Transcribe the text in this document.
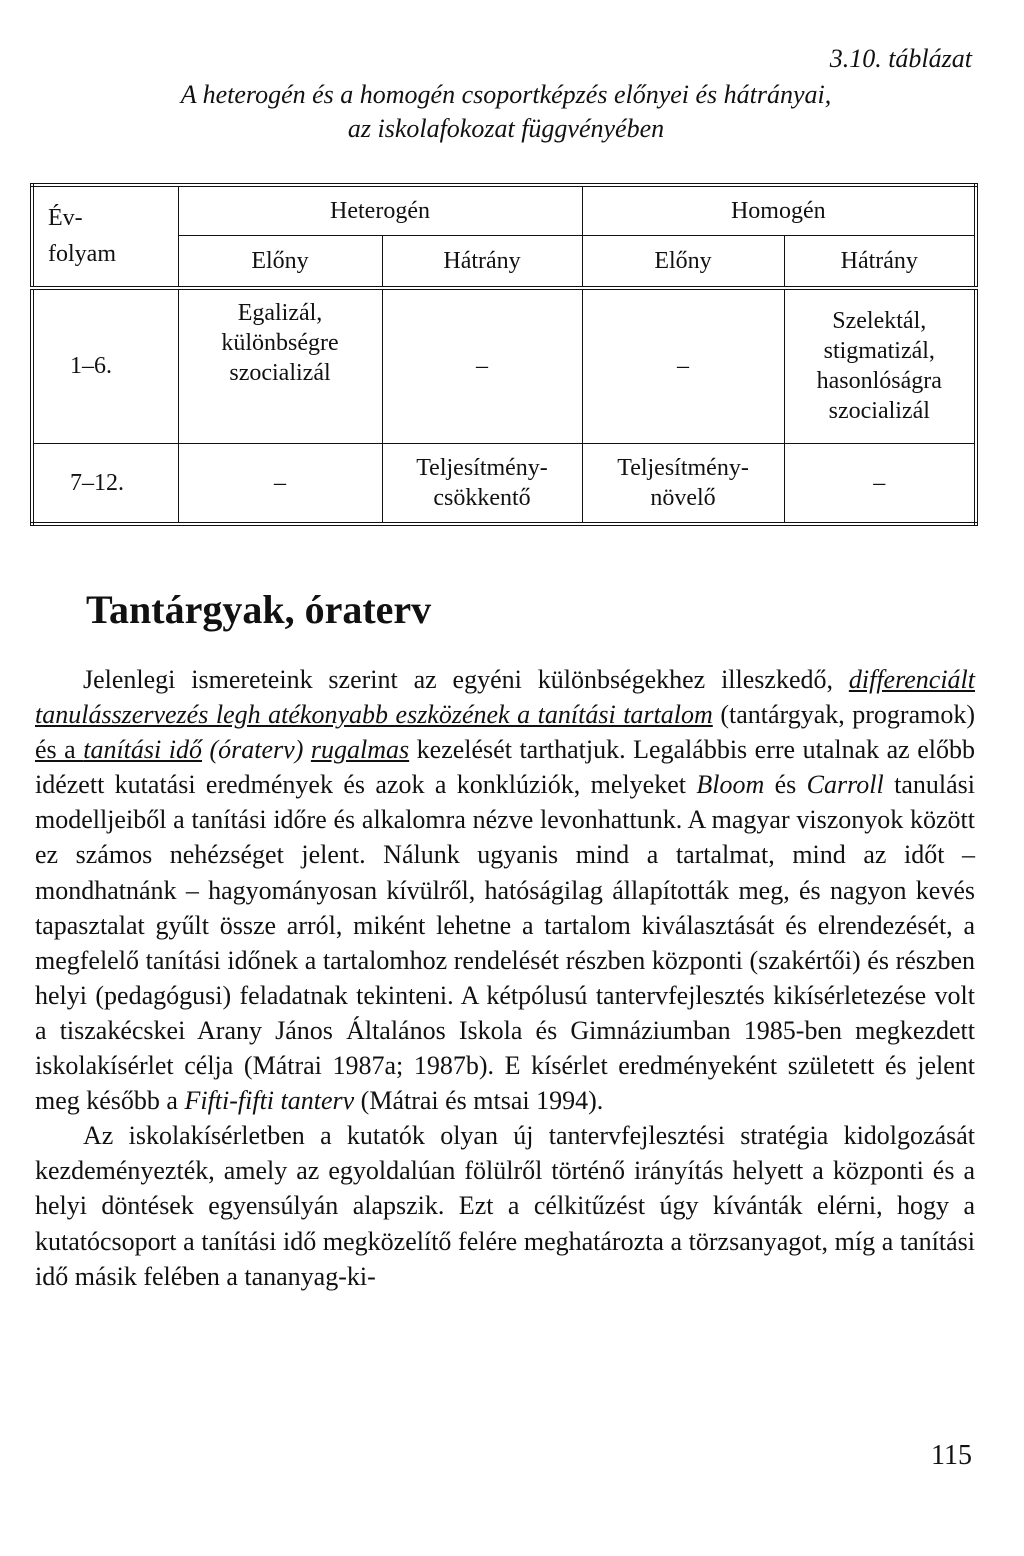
3.10. táblázat
A heterogén és a homogén csoportképzés előnyei és hátrányai,
az iskolafokozat függvényében
Év-
folyam	Heterogén		Homogén	
	Előny	Hátrány	Előny	Hátrány
1–6.	Egalizál,
különbségre
szocializál	–	–	Szelektál,
stigmatizál,
hasonlóságra
szocializál
7–12.	–	Teljesítmény-
csökkentő	Teljesítmény-
növelő	–
Tantárgyak, óraterv

Jelenlegi ismereteink szerint az egyéni különbségekhez illeszkedő, differenciált tanulásszervezés legh atékonyabb eszközének a tanítási tartalom (tantárgyak, programok) és a tanítási idő (óraterv) rugalmas kezelését tarthatjuk. Legalábbis erre utalnak az előbb idézett kutatási eredmények és azok a konklúziók, melyeket Bloom és Carroll tanulási modelljeiből a tanítási időre és alkalomra nézve levonhattunk. A magyar viszonyok között ez számos nehézséget jelent. Nálunk ugyanis mind a tartalmat, mind az időt – mondhatnánk – hagyományosan kívülről, hatóságilag állapították meg, és nagyon kevés tapasztalat gyűlt össze arról, miként lehetne a tartalom kiválasztását és elrendezését, a megfelelő tanítási időnek a tartalomhoz rendelését részben központi (szakértői) és részben helyi (pedagógusi) feladatnak tekinteni. A kétpólusú tantervfejlesztés kikísérletezése volt a tiszakécskei Arany János Általános Iskola és Gimnáziumban 1985-ben megkezdett iskolakísérlet célja (Mátrai 1987a; 1987b). E kísérlet eredményeként született és jelent meg később a Fifti-fifti tanterv (Mátrai és mtsai 1994).

Az iskolakísérletben a kutatók olyan új tantervfejlesztési stratégia kidolgozását kezdeményezték, amely az egyoldalúan fölülről történő irányítás helyett a központi és a helyi döntések egyensúlyán alapszik. Ezt a célkitűzést úgy kívánták elérni, hogy a kutatócsoport a tanítási idő megközelítő felére meghatározta a törzsanyagot, míg a tanítási idő másik felében a tananyag-ki-

115
